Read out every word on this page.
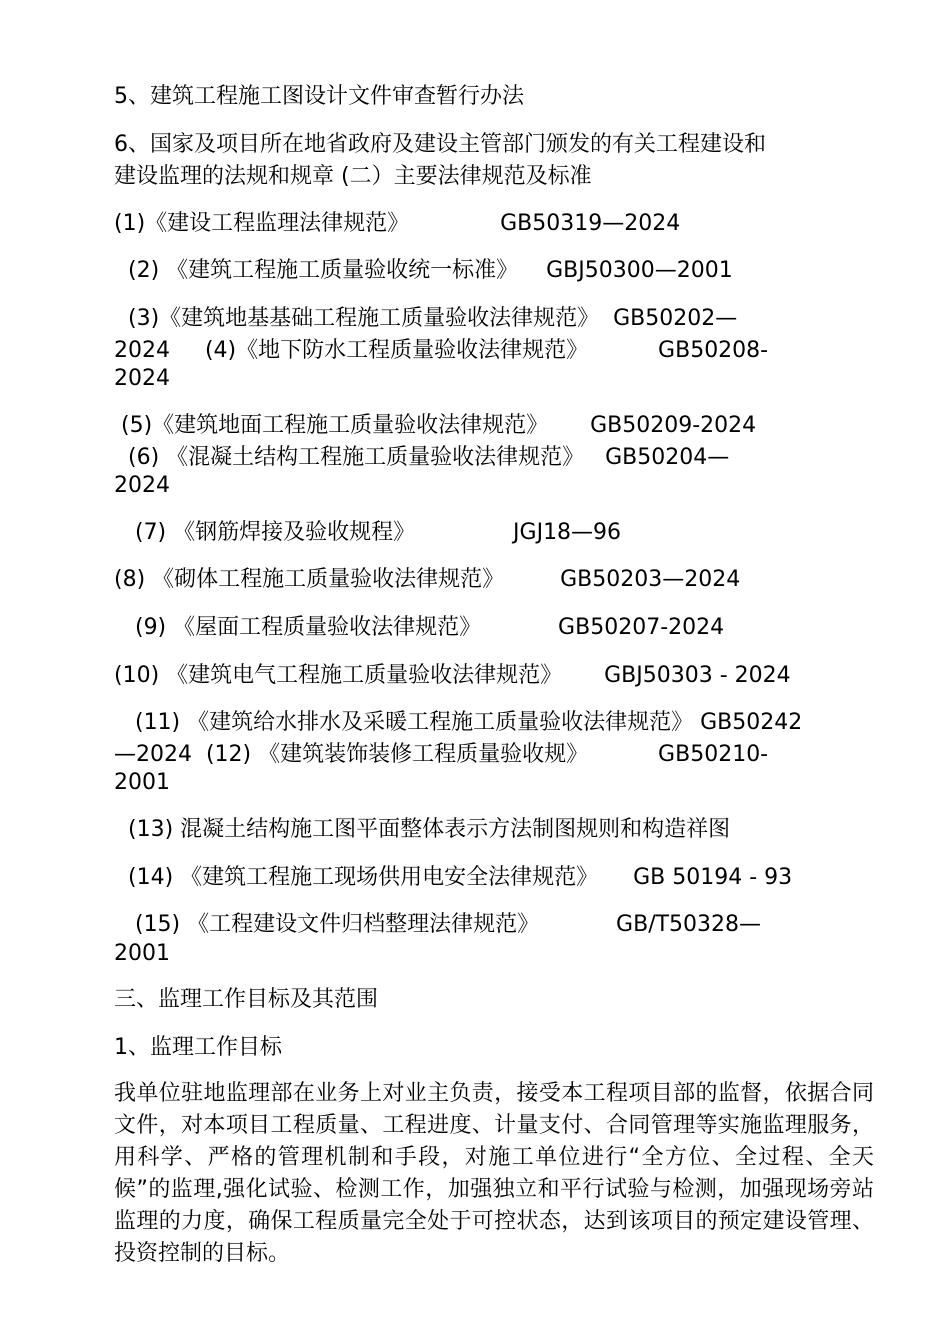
5、建筑工程施工图设计文件审查暂行办法

6、国家及项目所在地省政府及建设主管部门颁发的有关工程建设和

建设监理的法规和规章 (二）主要法律规范及标准

(1)《建设工程监理法律规范》             GB50319—2024

(2) 《建筑工程施工质量验收统一标准》    GBJ50300—2001

(3)《建筑地基基础工程施工质量验收法律规范》  GB50202—

2024     (4)《地下防水工程质量验收法律规范》          GB50208-

2024

(5)《建筑地面工程施工质量验收法律规范》      GB50209-2024

(6) 《混凝土结构工程施工质量验收法律规范》   GB50204—

2024

(7) 《钢筋焊接及验收规程》              JGJ18—96

(8) 《砌体工程施工质量验收法律规范》        GB50203—2024

(9) 《屋面工程质量验收法律规范》           GB50207-2024

(10) 《建筑电气工程施工质量验收法律规范》      GBJ50303 - 2024

(11) 《建筑给水排水及采暖工程施工质量验收法律规范》 GB50242

—2024  (12) 《建筑装饰装修工程质量验收规》          GB50210-

2001

(13) 混凝土结构施工图平面整体表示方法制图规则和构造祥图

(14) 《建筑工程施工现场供用电安全法律规范》     GB 50194 - 93

(15) 《工程建设文件归档整理法律规范》           GB/T50328—

2001

三、监理工作目标及其范围

1、监理工作目标

我单位驻地监理部在业务上对业主负责，接受本工程项目部的监督，依据合同文件，对本项目工程质量、工程进度、计量支付、合同管理等实施监理服务，用科学、严格的管理机制和手段，对施工单位进行“全方位、全过程、全天候”的监理,强化试验、检测工作，加强独立和平行试验与检测，加强现场旁站监理的力度，确保工程质量完全处于可控状态，达到该项目的预定建设管理、投资控制的目标。
